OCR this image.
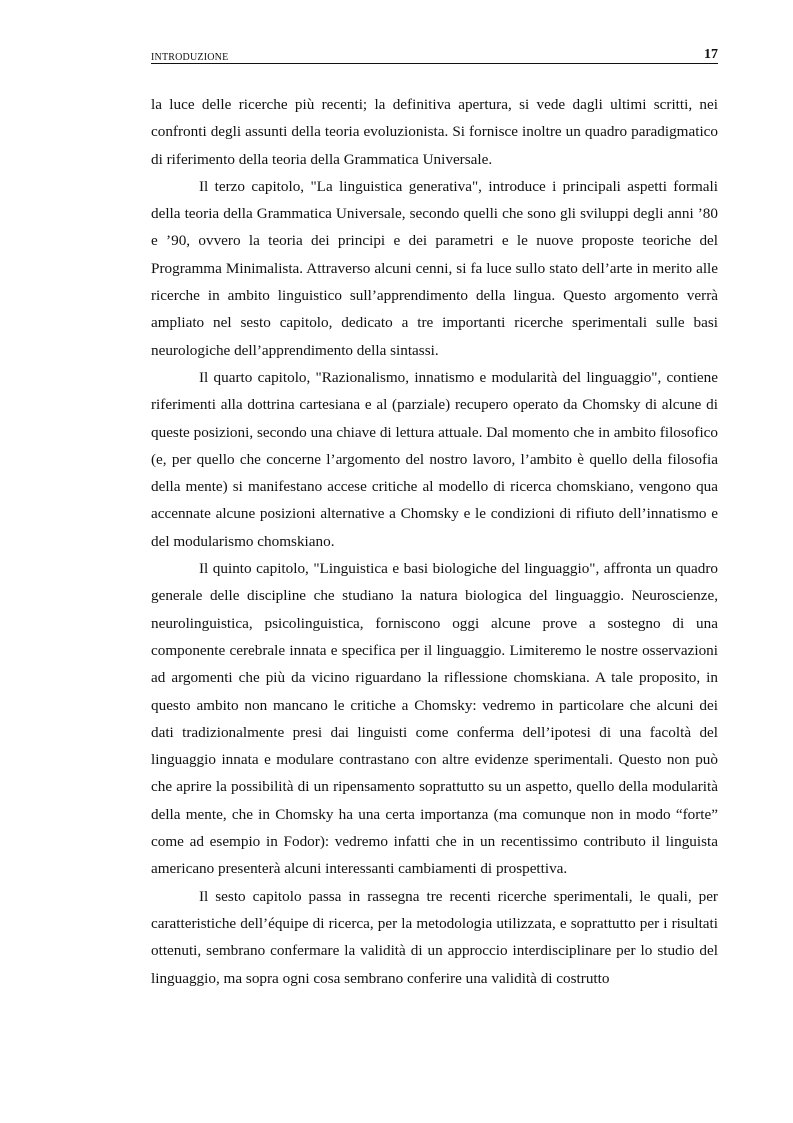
INTRODUZIONE	17

la luce delle ricerche più recenti; la definitiva apertura, si vede dagli ultimi scritti, nei confronti degli assunti della teoria evoluzionista. Si fornisce inoltre un quadro paradigmatico di riferimento della teoria della Grammatica Universale.

Il terzo capitolo, "La linguistica generativa", introduce i principali aspetti formali della teoria della Grammatica Universale, secondo quelli che sono gli sviluppi degli anni ’80 e ’90, ovvero la teoria dei principi e dei parametri e le nuove proposte teoriche del Programma Minimalista. Attraverso alcuni cenni, si fa luce sullo stato dell’arte in merito alle ricerche in ambito linguistico sull’apprendimento della lingua. Questo argomento verrà ampliato nel sesto capitolo, dedicato a tre importanti ricerche sperimentali sulle basi neurologiche dell’apprendimento della sintassi.

Il quarto capitolo, "Razionalismo, innatismo e modularità del linguaggio", contiene riferimenti alla dottrina cartesiana e al (parziale) recupero operato da Chomsky di alcune di queste posizioni, secondo una chiave di lettura attuale. Dal momento che in ambito filosofico (e, per quello che concerne l’argomento del nostro lavoro, l’ambito è quello della filosofia della mente) si manifestano accese critiche al modello di ricerca chomskiano, vengono qua accennate alcune posizioni alternative a Chomsky e le condizioni di rifiuto dell’innatismo e del modularismo chomskiano.

Il quinto capitolo, "Linguistica e basi biologiche del linguaggio", affronta un quadro generale delle discipline che studiano la natura biologica del linguaggio. Neuroscienze, neurolinguistica, psicolinguistica, forniscono oggi alcune prove a sostegno di una componente cerebrale innata e specifica per il linguaggio. Limiteremo le nostre osservazioni ad argomenti che più da vicino riguardano la riflessione chomskiana. A tale proposito, in questo ambito non mancano le critiche a Chomsky: vedremo in particolare che alcuni dei dati tradizionalmente presi dai linguisti come conferma dell’ipotesi di una facoltà del linguaggio innata e modulare contrastano con altre evidenze sperimentali. Questo non può che aprire la possibilità di un ripensamento soprattutto su un aspetto, quello della modularità della mente, che in Chomsky ha una certa importanza (ma comunque non in modo “forte” come ad esempio in Fodor): vedremo infatti che in un recentissimo contributo il linguista americano presenterà alcuni interessanti cambiamenti di prospettiva.

Il sesto capitolo passa in rassegna tre recenti ricerche sperimentali, le quali, per caratteristiche dell’équipe di ricerca, per la metodologia utilizzata, e soprattutto per i risultati ottenuti, sembrano confermare la validità di un approccio interdisciplinare per lo studio del linguaggio, ma sopra ogni cosa sembrano conferire una validità di costrutto
